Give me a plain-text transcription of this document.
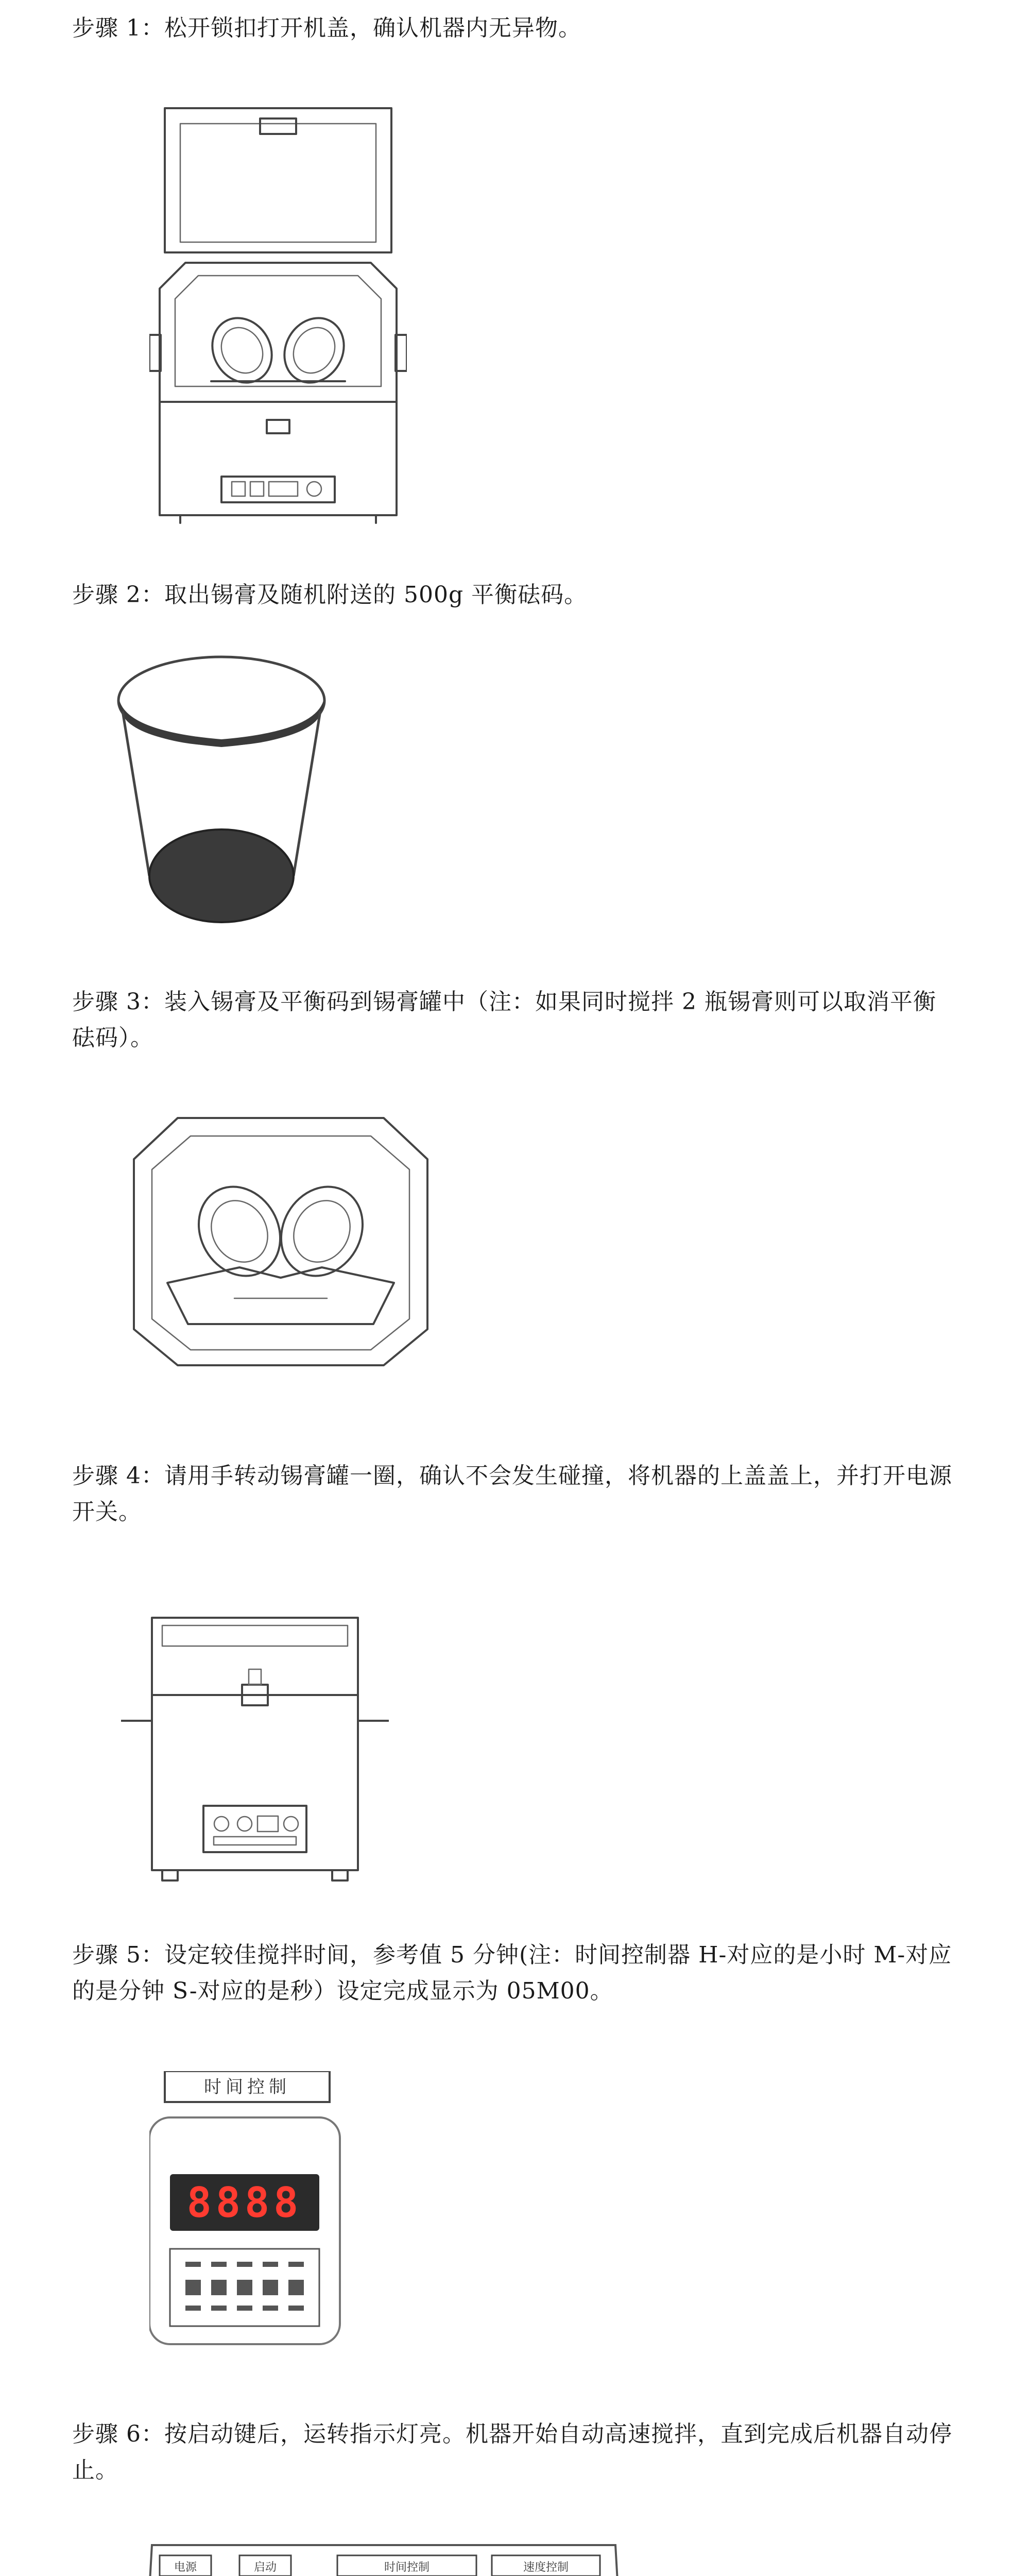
步骤 1：松开锁扣打开机盖，确认机器内无异物。
步骤 2：取出锡膏及随机附送的 500g 平衡砝码。
步骤 3：装入锡膏及平衡码到锡膏罐中（注：如果同时搅拌 2 瓶锡膏则可以取消平衡砝码）。
步骤 4：请用手转动锡膏罐一圈，确认不会发生碰撞，将机器的上盖盖上，并打开电源开关。
步骤 5：设定较佳搅拌时间，参考值 5 分钟(注：时间控制器 H-对应的是小时 M-对应的是分钟 S-对应的是秒）设定完成显示为 05M00。
时间控制
8888
步骤 6：按启动键后，运转指示灯亮。机器开始自动高速搅拌，直到完成后机器自动停止。
电源	启动	时间控制	速度控制
